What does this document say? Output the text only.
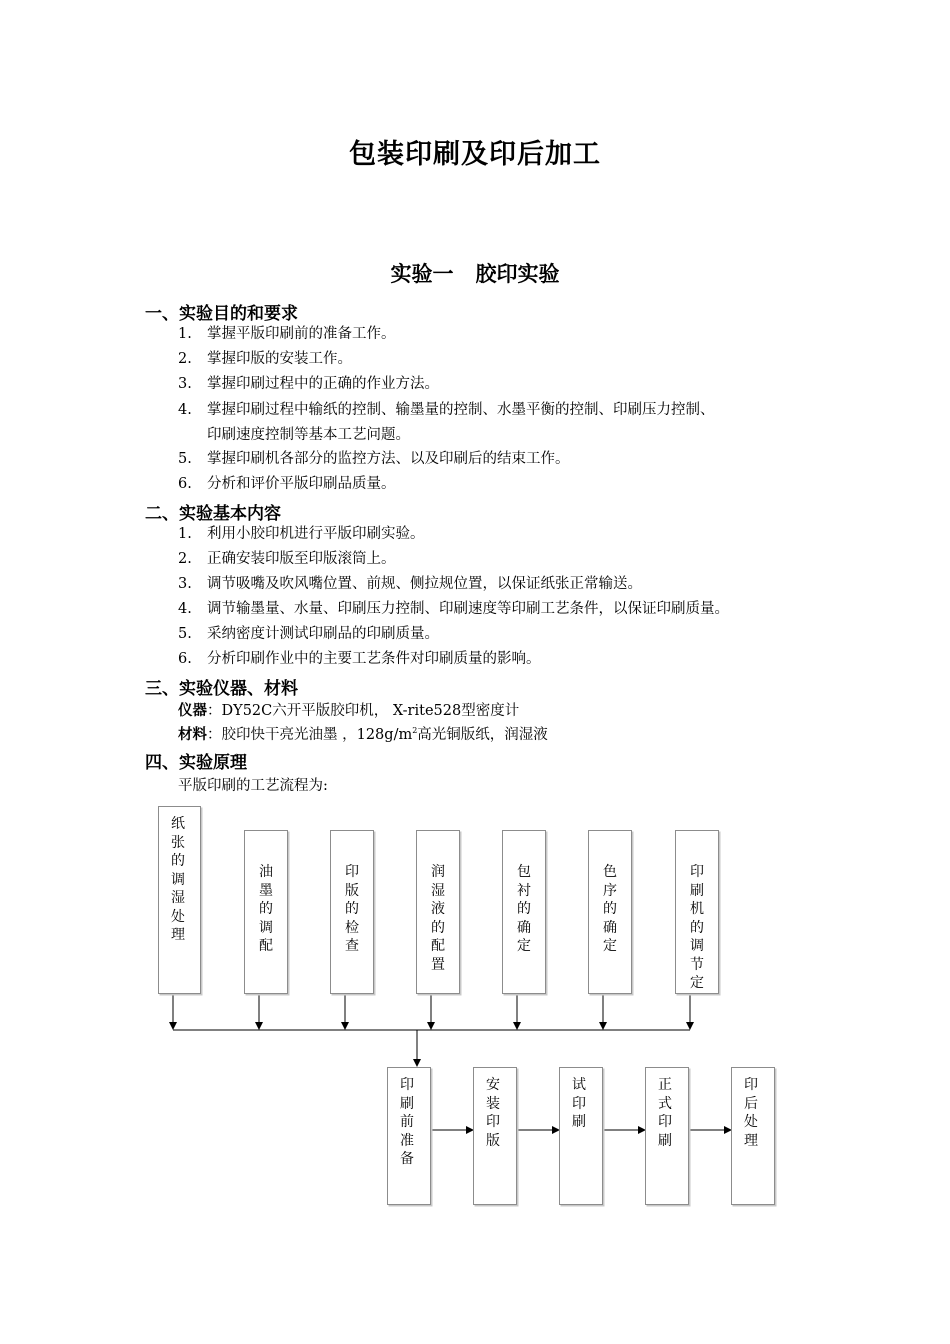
包装印刷及印后加工
实验一 胶印实验
一、实验目的和要求
1. 掌握平版印刷前的准备工作。
2. 掌握印版的安装工作。
3. 掌握印刷过程中的正确的作业方法。
4. 掌握印刷过程中输纸的控制、输墨量的控制、水墨平衡的控制、印刷压力控制、
印刷速度控制等基本工艺问题。
5. 掌握印刷机各部分的监控方法、以及印刷后的结束工作。
6. 分析和评价平版印刷品质量。
二、实验基本内容
1. 利用小胶印机进行平版印刷实验。
2. 正确安装印版至印版滚筒上。
3. 调节吸嘴及吹风嘴位置、前规、侧拉规位置，以保证纸张正常输送。
4. 调节输墨量、水量、印刷压力控制、印刷速度等印刷工艺条件，以保证印刷质量。
5. 采纳密度计测试印刷品的印刷质量。
6. 分析印刷作业中的主要工艺条件对印刷质量的影响。
三、实验仪器、材料
仪器：DY52C六开平版胶印机， X-rite528型密度计
材料：胶印快干亮光油墨 ，$128g/m^2$高光铜版纸，润湿液
四、实验原理
平版印刷的工艺流程为:
纸
张
的
调
湿
处
理
油
墨
的
调
配
印
版
的
检
查
润
湿
液
的
配
置
包
衬
的
确
定
色
序
的
确
定
印
刷
机
的
调
节
定
印
刷
前
准
备
安
装
印
版
试
印
刷
正
式
印
刷
印
后
处
理
